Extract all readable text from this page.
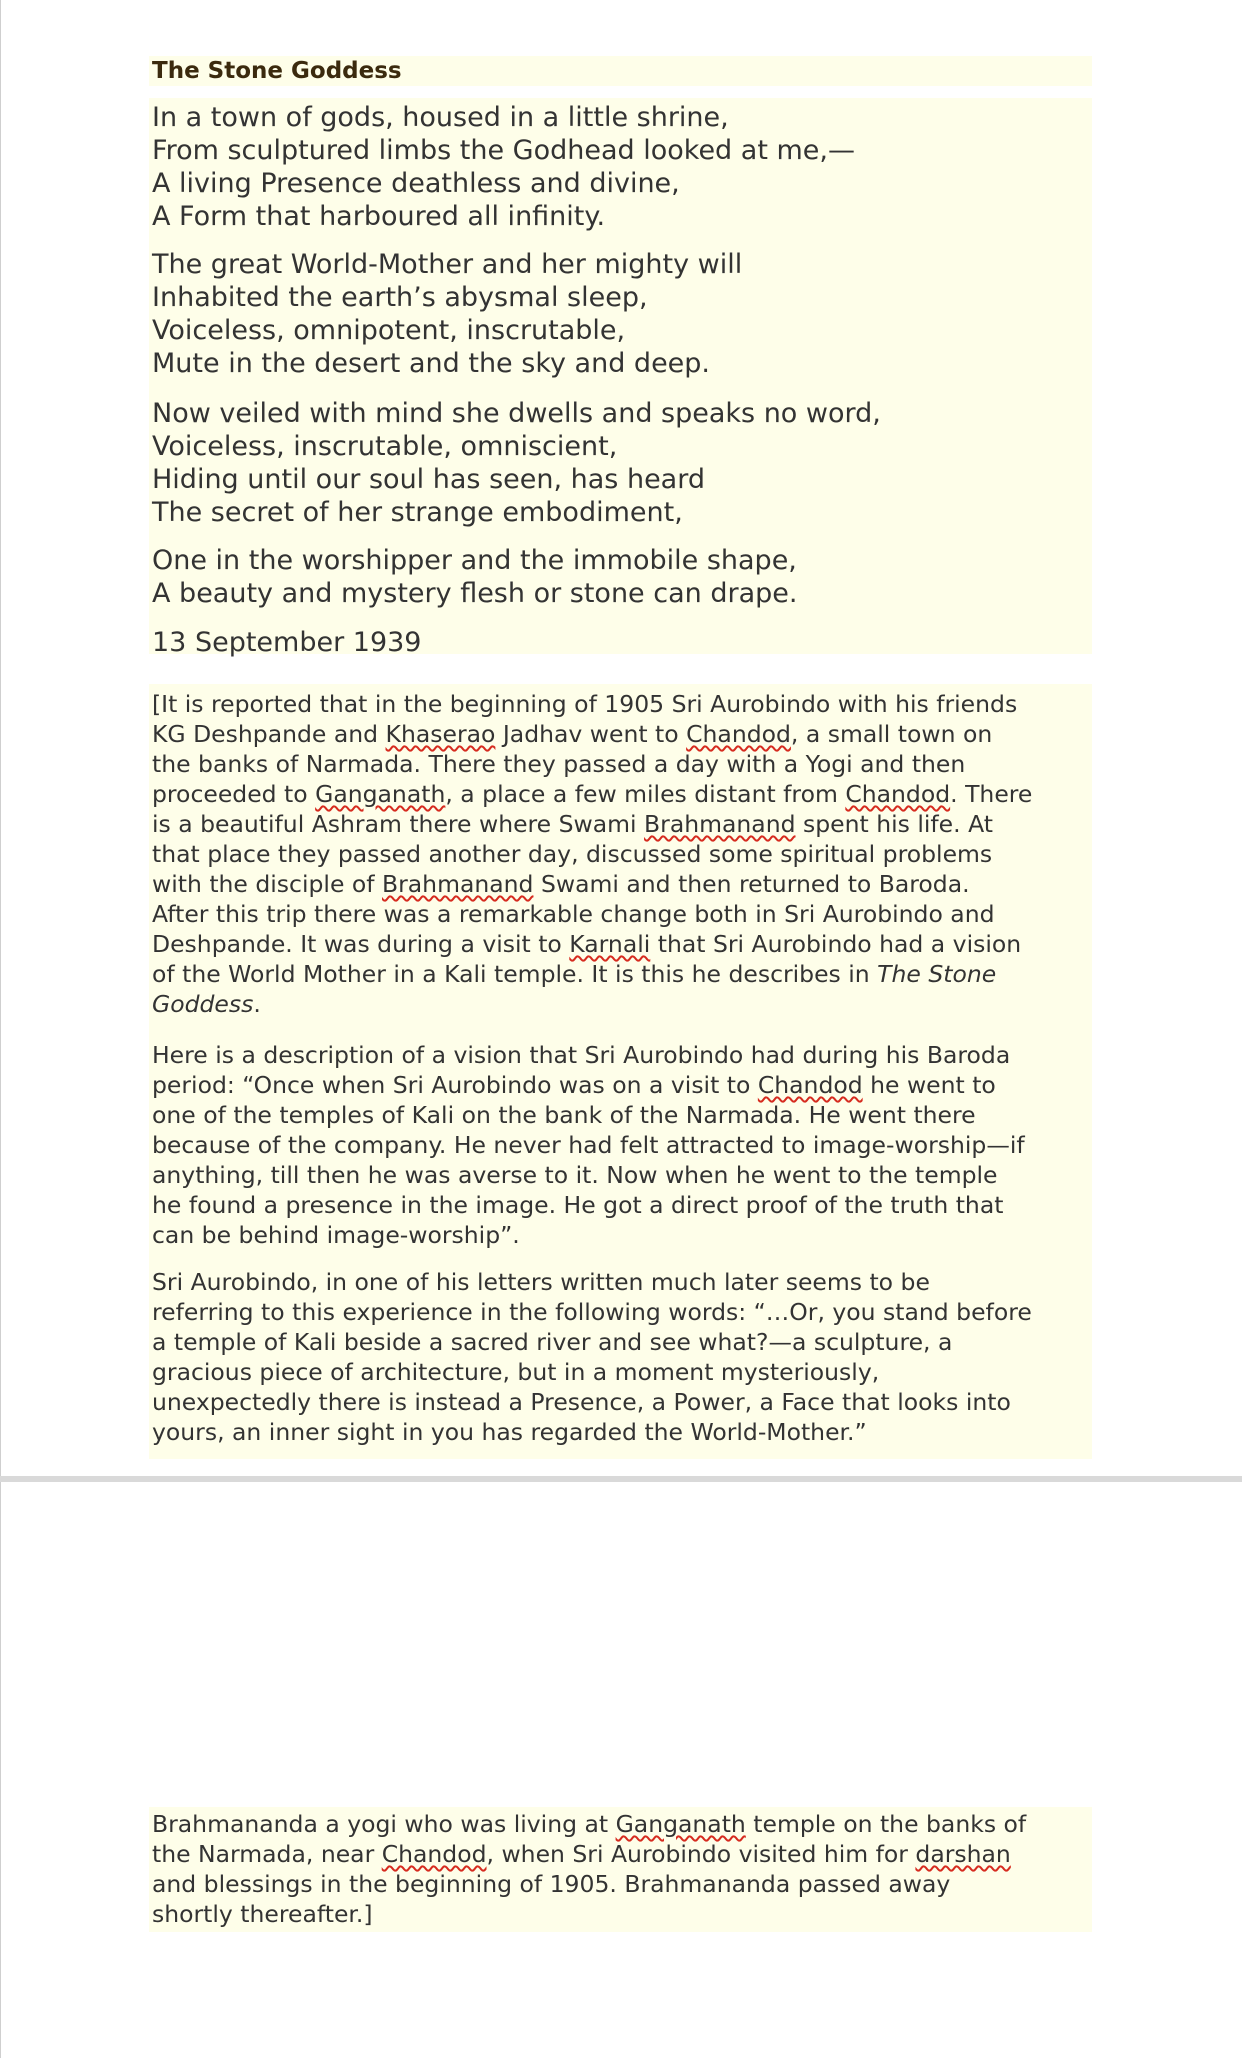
The Stone Goddess
In a town of gods, housed in a little shrine,
From sculptured limbs the Godhead looked at me,—
A living Presence deathless and divine,
A Form that harboured all infinity.
The great World-Mother and her mighty will
Inhabited the earth’s abysmal sleep,
Voiceless, omnipotent, inscrutable,
Mute in the desert and the sky and deep.
Now veiled with mind she dwells and speaks no word,
Voiceless, inscrutable, omniscient,
Hiding until our soul has seen, has heard
The secret of her strange embodiment,
One in the worshipper and the immobile shape,
A beauty and mystery flesh or stone can drape.
13 September 1939
[It is reported that in the beginning of 1905 Sri Aurobindo with his friends
KG Deshpande and Khaserao Jadhav went to Chandod, a small town on
the banks of Narmada. There they passed a day with a Yogi and then
proceeded to Ganganath, a place a few miles distant from Chandod. There
is a beautiful Ashram there where Swami Brahmanand spent his life. At
that place they passed another day, discussed some spiritual problems
with the disciple of Brahmanand Swami and then returned to Baroda.
After this trip there was a remarkable change both in Sri Aurobindo and
Deshpande. It was during a visit to Karnali that Sri Aurobindo had a vision
of the World Mother in a Kali temple. It is this he describes in The Stone
Goddess.
Here is a description of a vision that Sri Aurobindo had during his Baroda
period: “Once when Sri Aurobindo was on a visit to Chandod he went to
one of the temples of Kali on the bank of the Narmada. He went there
because of the company. He never had felt attracted to image-worship—if
anything, till then he was averse to it. Now when he went to the temple
he found a presence in the image. He got a direct proof of the truth that
can be behind image-worship”.
Sri Aurobindo, in one of his letters written much later seems to be
referring to this experience in the following words: “…Or, you stand before
a temple of Kali beside a sacred river and see what?—a sculpture, a
gracious piece of architecture, but in a moment mysteriously,
unexpectedly there is instead a Presence, a Power, a Face that looks into
yours, an inner sight in you has regarded the World-Mother.”
Brahmananda a yogi who was living at Ganganath temple on the banks of
the Narmada, near Chandod, when Sri Aurobindo visited him for darshan
and blessings in the beginning of 1905. Brahmananda passed away
shortly thereafter.]
